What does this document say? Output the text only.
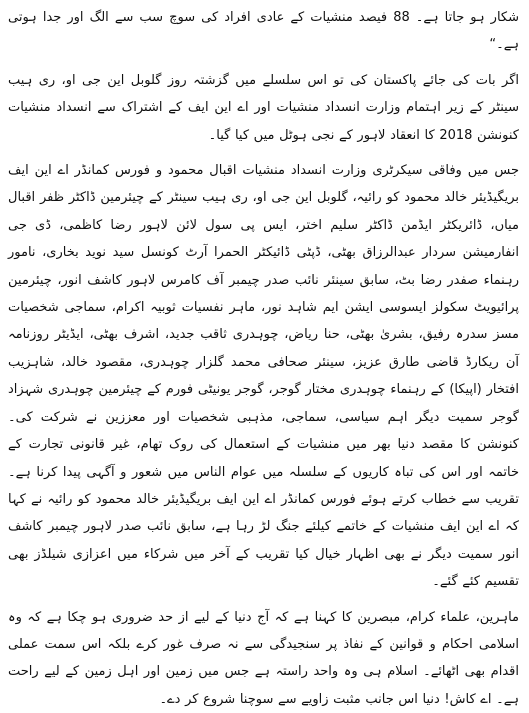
شکار ہو جاتا ہے۔ 88 فیصد منشیات کے عادی افراد کی سوچ سب سے الگ اور جدا ہوتی ہے۔“

اگر بات کی جائے پاکستان کی تو اس سلسلے میں گزشتہ روز گلوبل این جی او، ری ہیب سینٹر کے زیر اہتمام وزارت انسداد منشیات اور اے این ایف کے اشتراک سے انسداد منشیات کنونشن 2018 کا انعقاد لاہور کے نجی ہوٹل میں کیا گیا۔

جس میں وفاقی سیکرٹری وزارت انسداد منشیات اقبال محمود و فورس کمانڈر اے این ایف بریگیڈیئر خالد محمود کو رائیہ، گلوبل این جی او، ری ہیب سینٹر کے چیئرمین ڈاکٹر ظفر اقبال میاں، ڈائریکٹر ایڈمن ڈاکٹر سلیم اختر، ایس پی سول لائن لاہور رضا کاظمی، ڈی جی انفارمیشن سردار عبدالرزاق بھٹی، ڈپٹی ڈائیکٹر الحمرا آرٹ کونسل سید نوید بخاری، نامور رہنماء صفدر رضا بٹ، سابق سینئر نائب صدر چیمبر آف کامرس لاہور کاشف انور، چیئرمین پرائیویٹ سکولز ایسوسی ایشن ایم شاہد نور، ماہر نفسیات ثوبیہ اکرام، سماجی شخصیات مسز سدرہ رفیق، بشریٰ بھٹی، حنا ریاض، چوہدری ثاقب جدید، اشرف بھٹی، ایڈیٹر روزنامہ آن ریکارڈ قاضی طارق عزیز، سینئر صحافی محمد گلزار چوہدری، مقصود خالد، شاہزیب افتخار (اپیکا) کے رہنماء چوہدری مختار گوجر، گوجر یونیٹی فورم کے چیئرمین چوہدری شہزاد گوجر سمیت دیگر اہم سیاسی، سماجی، مذہبی شخصیات اور معززین نے شرکت کی۔ کنونشن کا مقصد دنیا بھر میں منشیات کے استعمال کی روک تھام، غیر قانونی تجارت کے خاتمہ اور اس کی تباہ کاریوں کے سلسلہ میں عوام الناس میں شعور و آگہی پیدا کرنا ہے۔ تقریب سے خطاب کرتے ہوئے فورس کمانڈر اے این ایف بریگیڈیئر خالد محمود کو رائیہ نے کہا کہ اے این ایف منشیات کے خاتمے کیلئے جنگ لڑ رہا ہے، سابق نائب صدر لاہور چیمبر کاشف انور سمیت دیگر نے بھی اظہار خیال کیا تقریب کے آخر میں شرکاء میں اعزازی شیلڈز بھی تقسیم کئے گئے۔

ماہرین، علماء کرام، مبصرین کا کہنا ہے کہ آج دنیا کے لیے از حد ضروری ہو چکا ہے کہ وہ اسلامی احکام و قوانین کے نفاذ پر سنجیدگی سے نہ صرف غور کرے بلکہ اس سمت عملی اقدام بھی اٹھائے۔ اسلام ہی وہ واحد راستہ ہے جس میں زمین اور اہل زمین کے لیے راحت ہے۔ اے کاش! دنیا اس جانب مثبت زاویے سے سوچنا شروع کر دے۔
